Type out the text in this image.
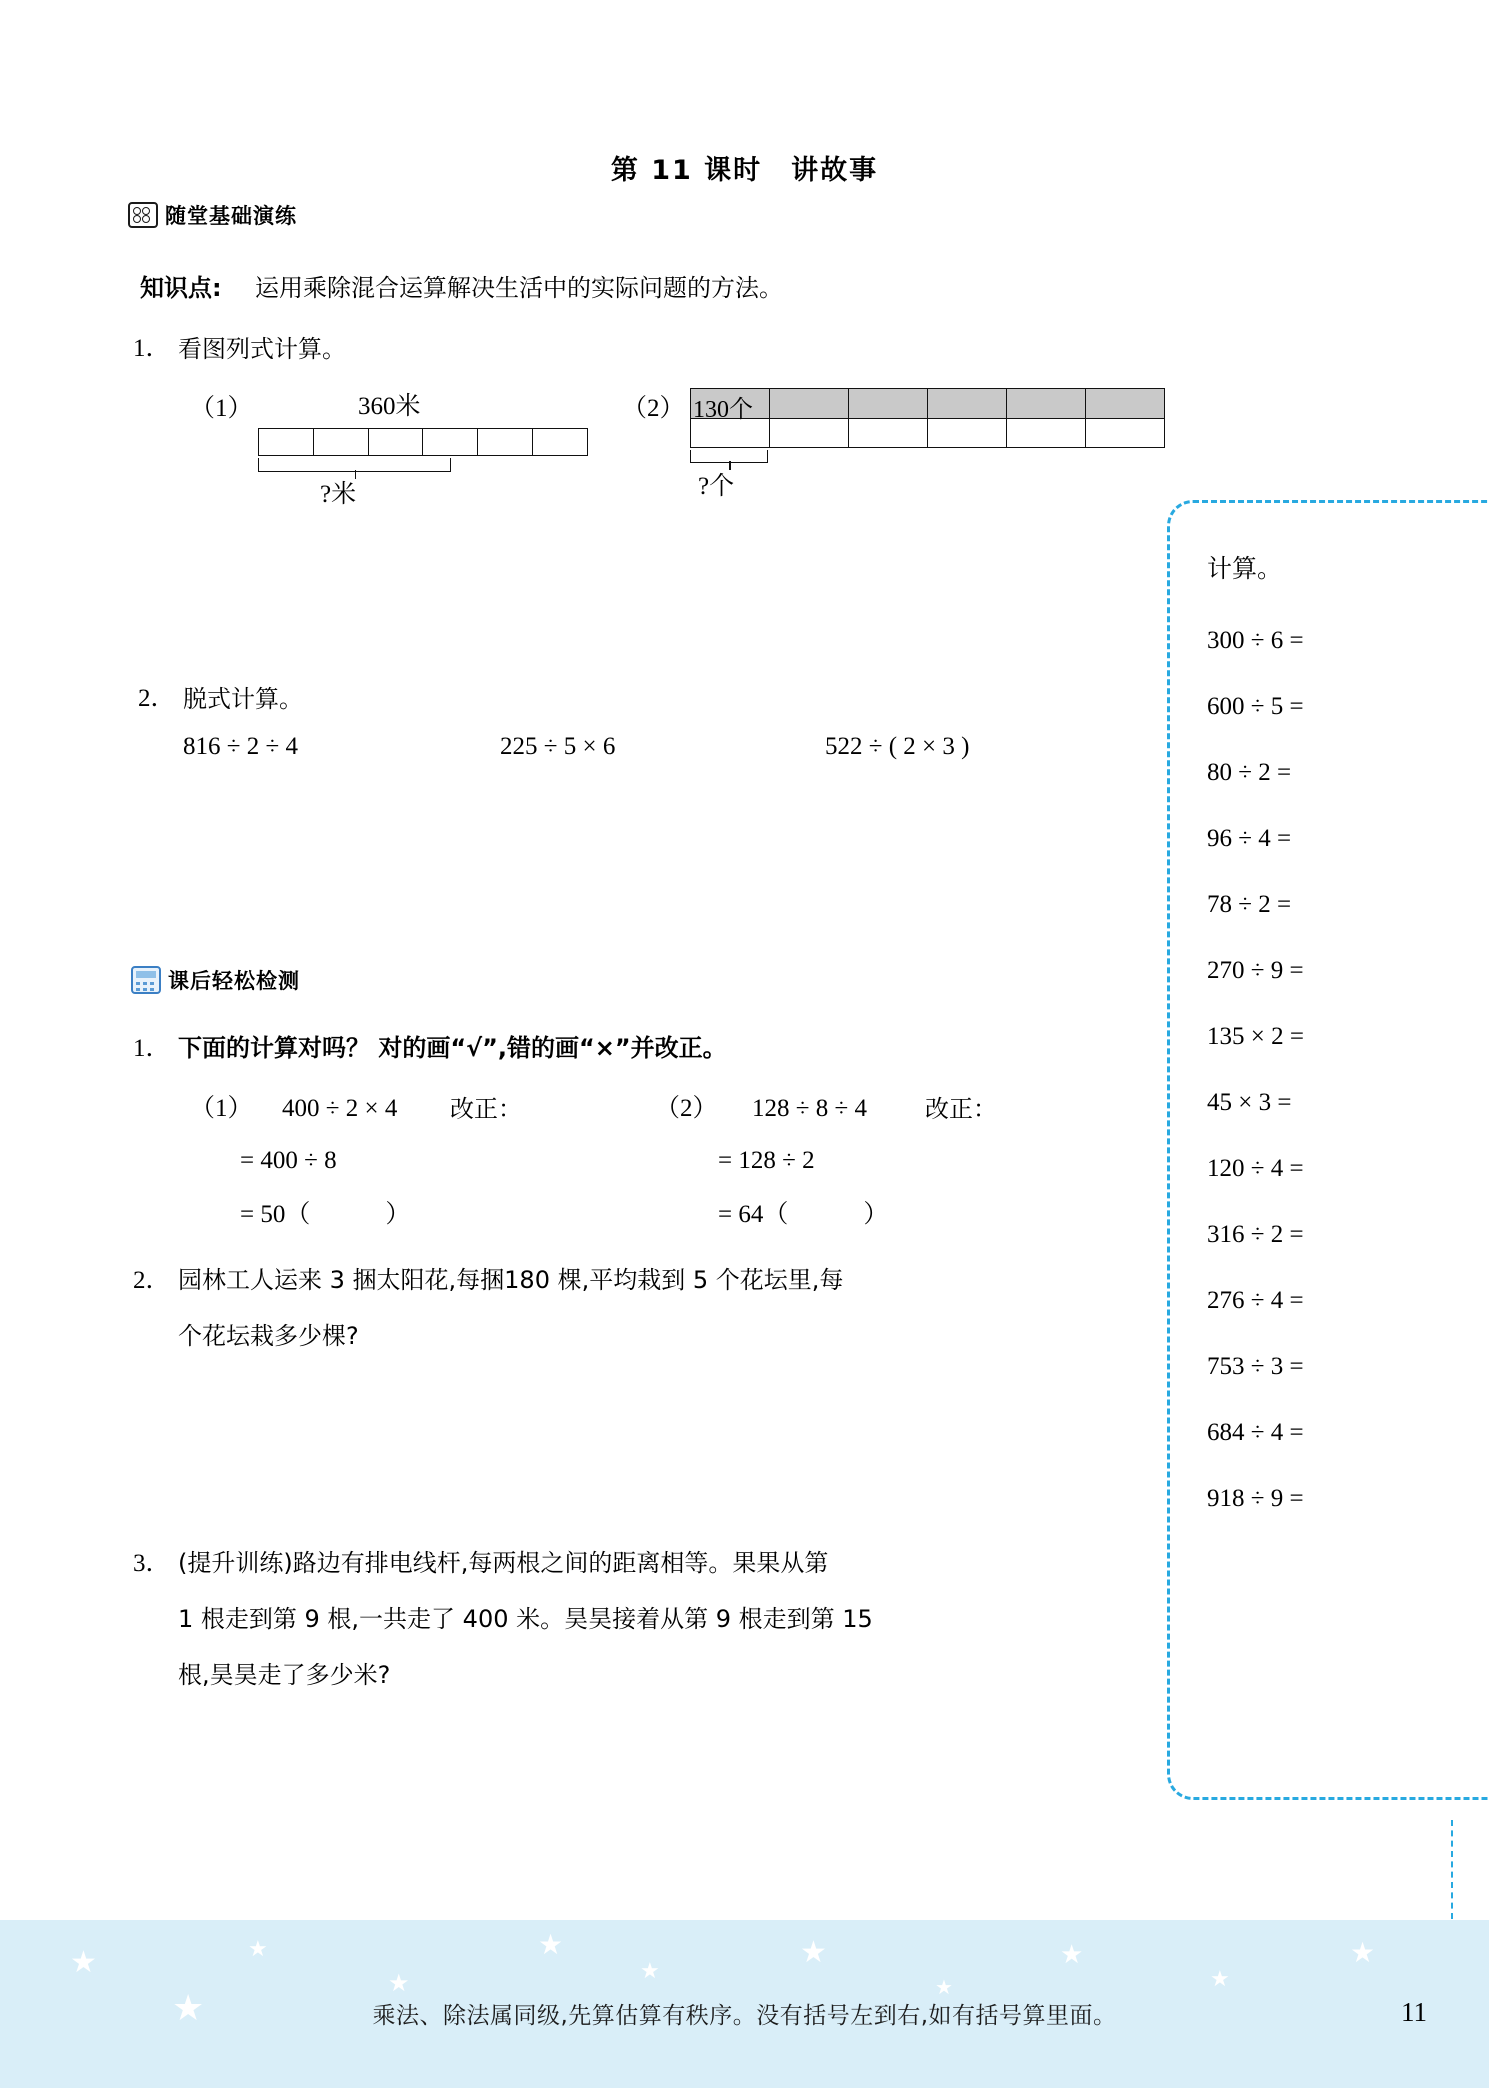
第 11 课时　讲故事
随堂基础演练
知识点: 运用乘除混合运算解决生活中的实际问题的方法。
1． 看图列式计算。
（1）	360米
?米
（2） 130个
?个
2． 脱式计算。
816 ÷ 2 ÷ 4	225 ÷ 5 × 6	522 ÷ ( 2 × 3 )
课后轻松检测
1． 下面的计算对吗？ 对的画“√”,错的画“×”并改正。
（1） 400 ÷ 2 × 4 改正：
= 400 ÷ 8
= 50（　　　）
（2） 128 ÷ 8 ÷ 4 改正：
= 128 ÷ 2
= 64（　　　）
2． 园林工人运来 3 捆太阳花,每捆180 棵,平均栽到 5 个花坛里,每
个花坛栽多少棵?
3． (提升训练)路边有排电线杆,每两根之间的距离相等。果果从第
1 根走到第 9 根,一共走了 400 米。昊昊接着从第 9 根走到第 15
根,昊昊走了多少米?
计算。
300 ÷ 6 =
600 ÷ 5 =
80 ÷ 2 =
96 ÷ 4 =
78 ÷ 2 =
270 ÷ 9 =
135 × 2 =
45 × 3 =
120 ÷ 4 =
316 ÷ 2 =
276 ÷ 4 =
753 ÷ 3 =
684 ÷ 4 =
918 ÷ 9 =
★
★
★
★
★
★
★
★
★
★
★
乘法、除法属同级,先算估算有秩序。没有括号左到右,如有括号算里面。	11
